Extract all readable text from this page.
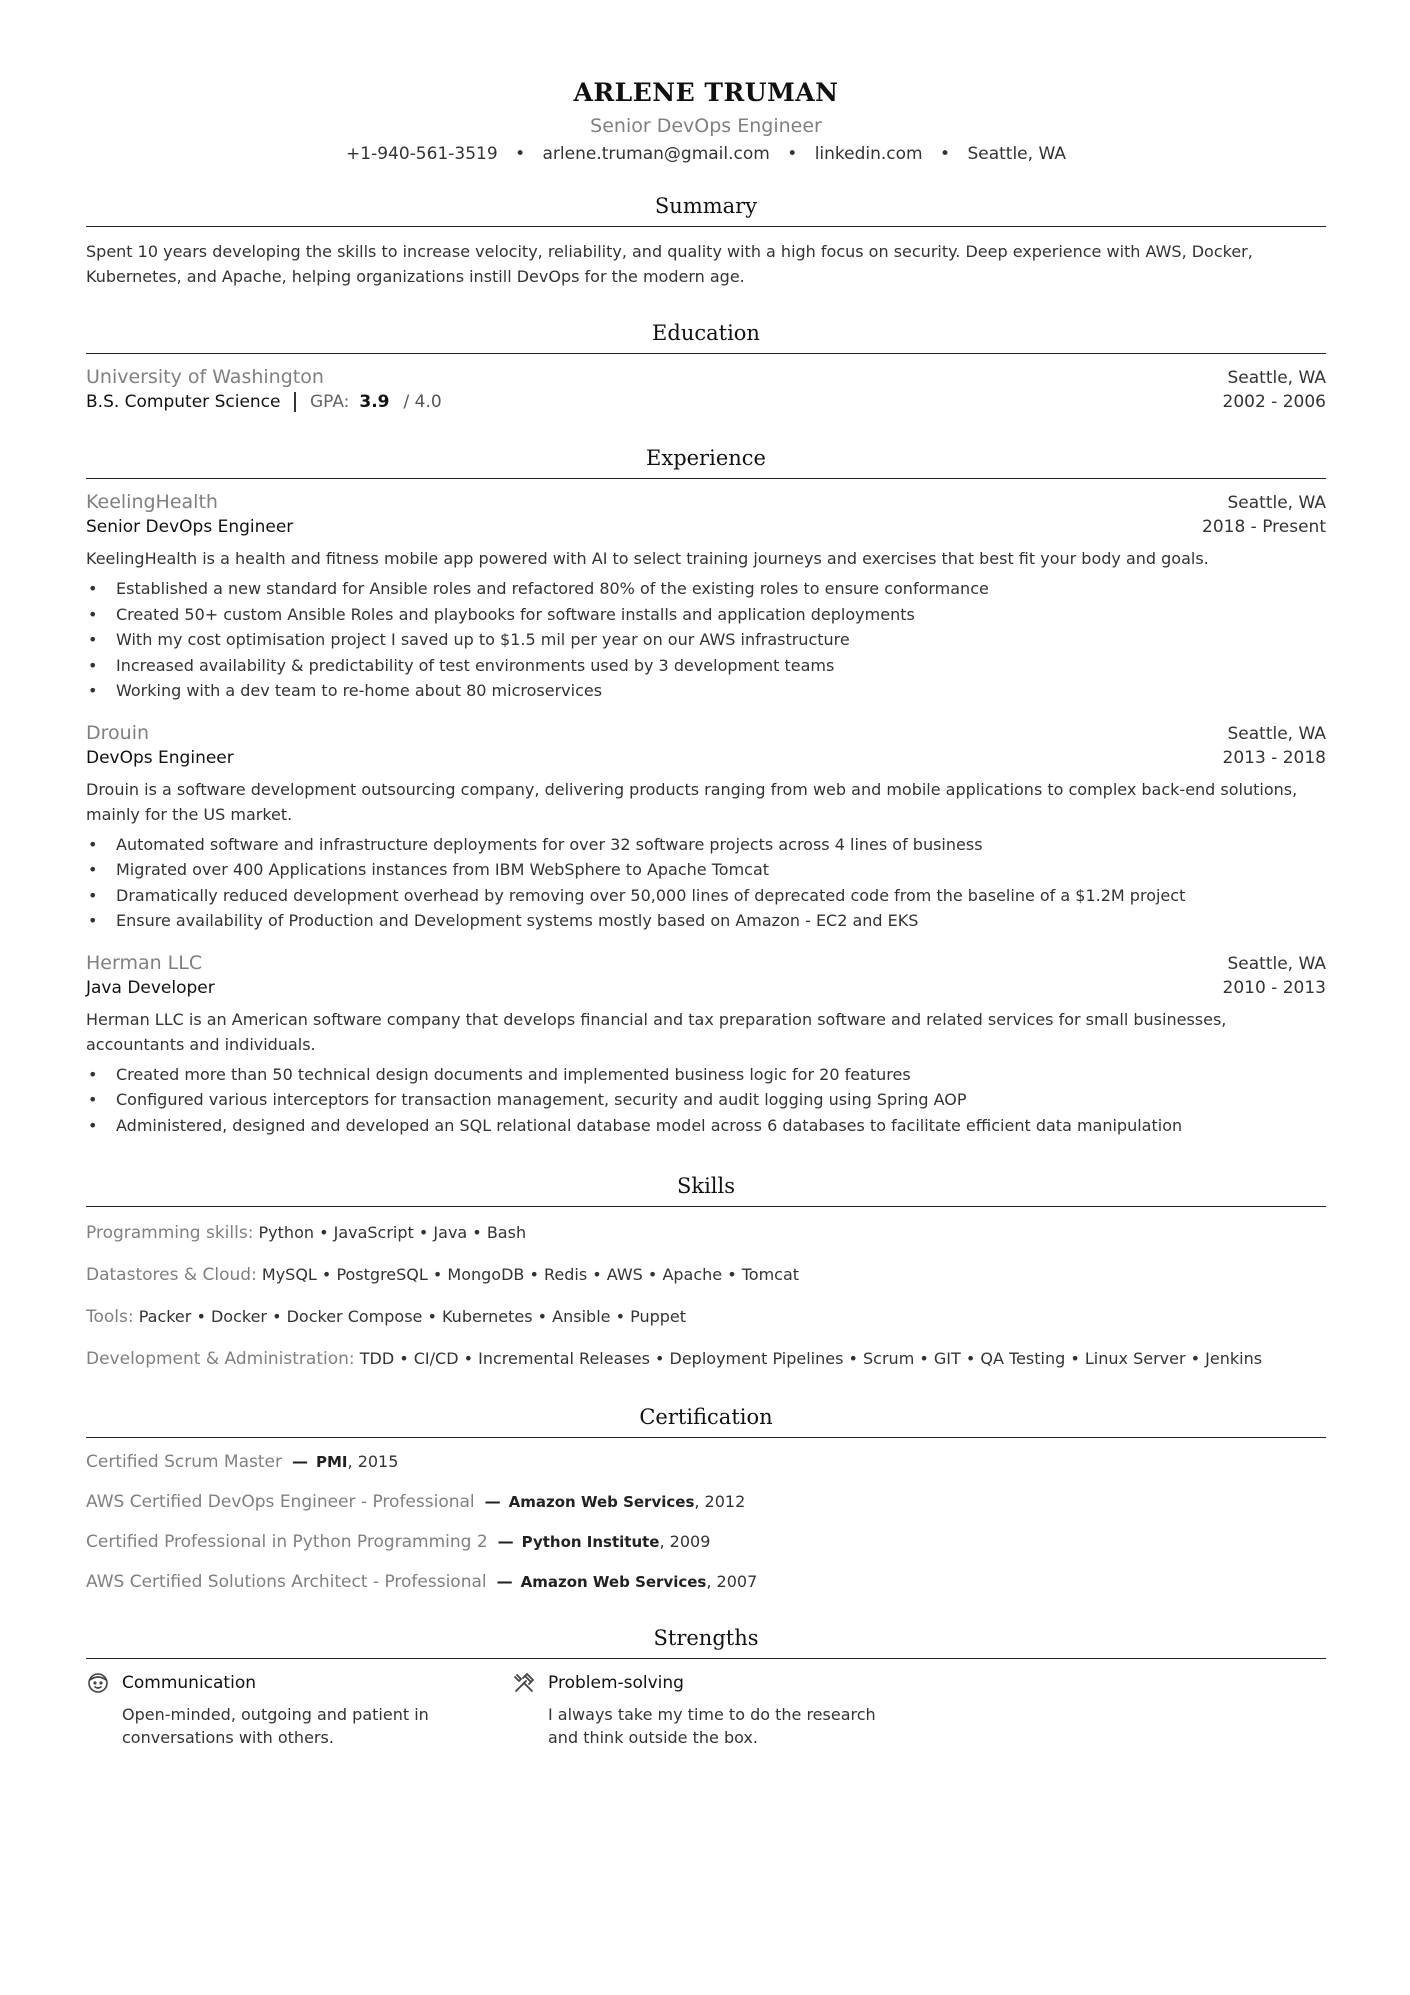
ARLENE TRUMAN
Senior DevOps Engineer
+1-940-561-3519 • arlene.truman@gmail.com • linkedin.com • Seattle, WA
Summary
Spent 10 years developing the skills to increase velocity, reliability, and quality with a high focus on security. Deep experience with AWS, Docker, Kubernetes, and Apache, helping organizations instill DevOps for the modern age.
Education
University of Washington	Seattle, WA
B.S. Computer Science GPA: 3.9 / 4.0	2002 - 2006
Experience
KeelingHealth	Seattle, WA
Senior DevOps Engineer	2018 - Present
KeelingHealth is a health and fitness mobile app powered with AI to select training journeys and exercises that best fit your body and goals.
• Established a new standard for Ansible roles and refactored 80% of the existing roles to ensure conformance
• Created 50+ custom Ansible Roles and playbooks for software installs and application deployments
• With my cost optimisation project I saved up to $1.5 mil per year on our AWS infrastructure
• Increased availability & predictability of test environments used by 3 development teams
• Working with a dev team to re-home about 80 microservices
Drouin	Seattle, WA
DevOps Engineer	2013 - 2018
Drouin is a software development outsourcing company, delivering products ranging from web and mobile applications to complex back-end solutions, mainly for the US market.
• Automated software and infrastructure deployments for over 32 software projects across 4 lines of business
• Migrated over 400 Applications instances from IBM WebSphere to Apache Tomcat
• Dramatically reduced development overhead by removing over 50,000 lines of deprecated code from the baseline of a $1.2M project
• Ensure availability of Production and Development systems mostly based on Amazon - EC2 and EKS
Herman LLC	Seattle, WA
Java Developer	2010 - 2013
Herman LLC is an American software company that develops financial and tax preparation software and related services for small businesses, accountants and individuals.
• Created more than 50 technical design documents and implemented business logic for 20 features
• Configured various interceptors for transaction management, security and audit logging using Spring AOP
• Administered, designed and developed an SQL relational database model across 6 databases to facilitate efficient data manipulation
Skills
Programming skills: Python • JavaScript • Java • Bash
Datastores & Cloud: MySQL • PostgreSQL • MongoDB • Redis • AWS • Apache • Tomcat
Tools: Packer • Docker • Docker Compose • Kubernetes • Ansible • Puppet
Development & Administration: TDD • CI/CD • Incremental Releases • Deployment Pipelines • Scrum • GIT • QA Testing • Linux Server • Jenkins
Certification
Certified Scrum Master — PMI, 2015
AWS Certified DevOps Engineer - Professional — Amazon Web Services, 2012
Certified Professional in Python Programming 2 — Python Institute, 2009
AWS Certified Solutions Architect - Professional — Amazon Web Services, 2007
Strengths
Communication
Open-minded, outgoing and patient in conversations with others.
Problem-solving
I always take my time to do the research and think outside the box.
